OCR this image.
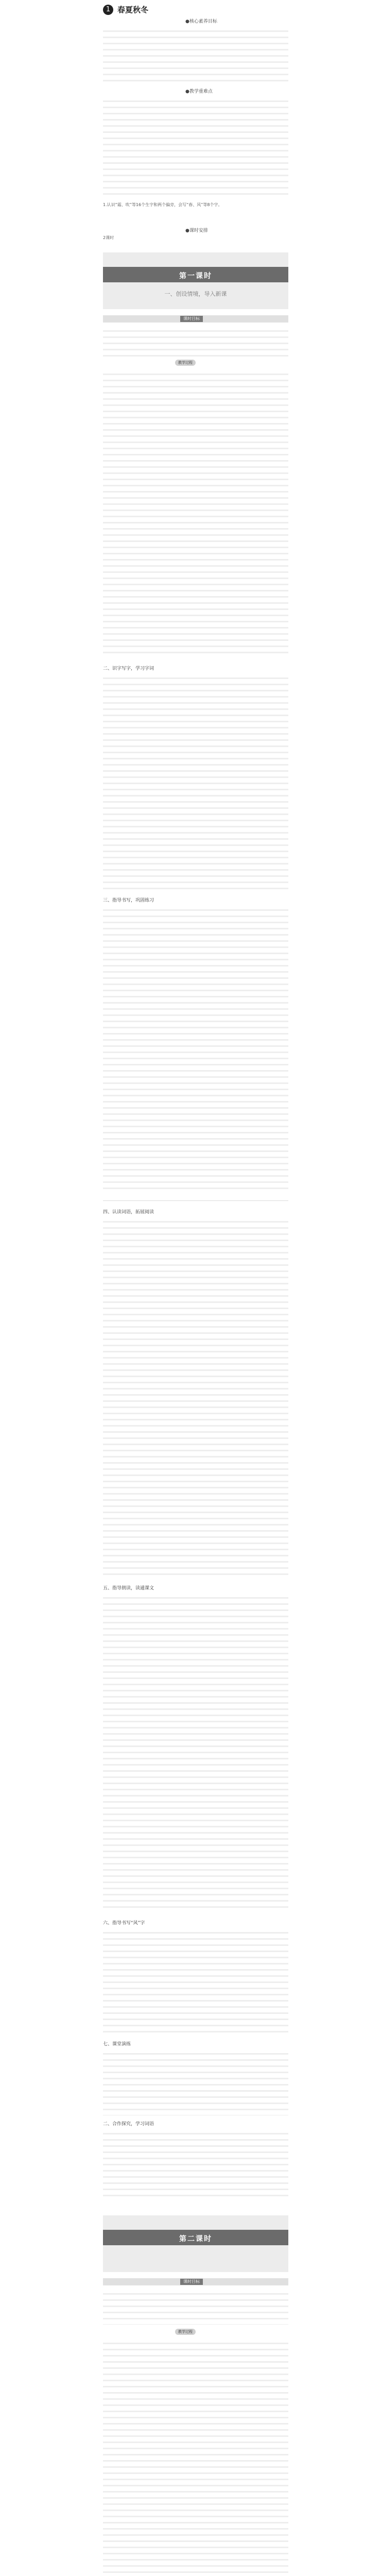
1 春夏秋冬
●核心素养目标
●教学重难点
1.认识“霜、吹”等16个生字和两个偏旁，会写“春、风”等8个字。
●课时安排
2课时
第一课时
一、创设情境，导入新课
课时目标
教学过程
二、识字写字，学习字词
三、指导书写，巩固练习
四、认读词语，拓展阅读
五、指导朗读，读通课文
六、指导书写“风”字
七、课堂演练
二、合作探究，学习词语
第二课时
课时目标
教学过程
